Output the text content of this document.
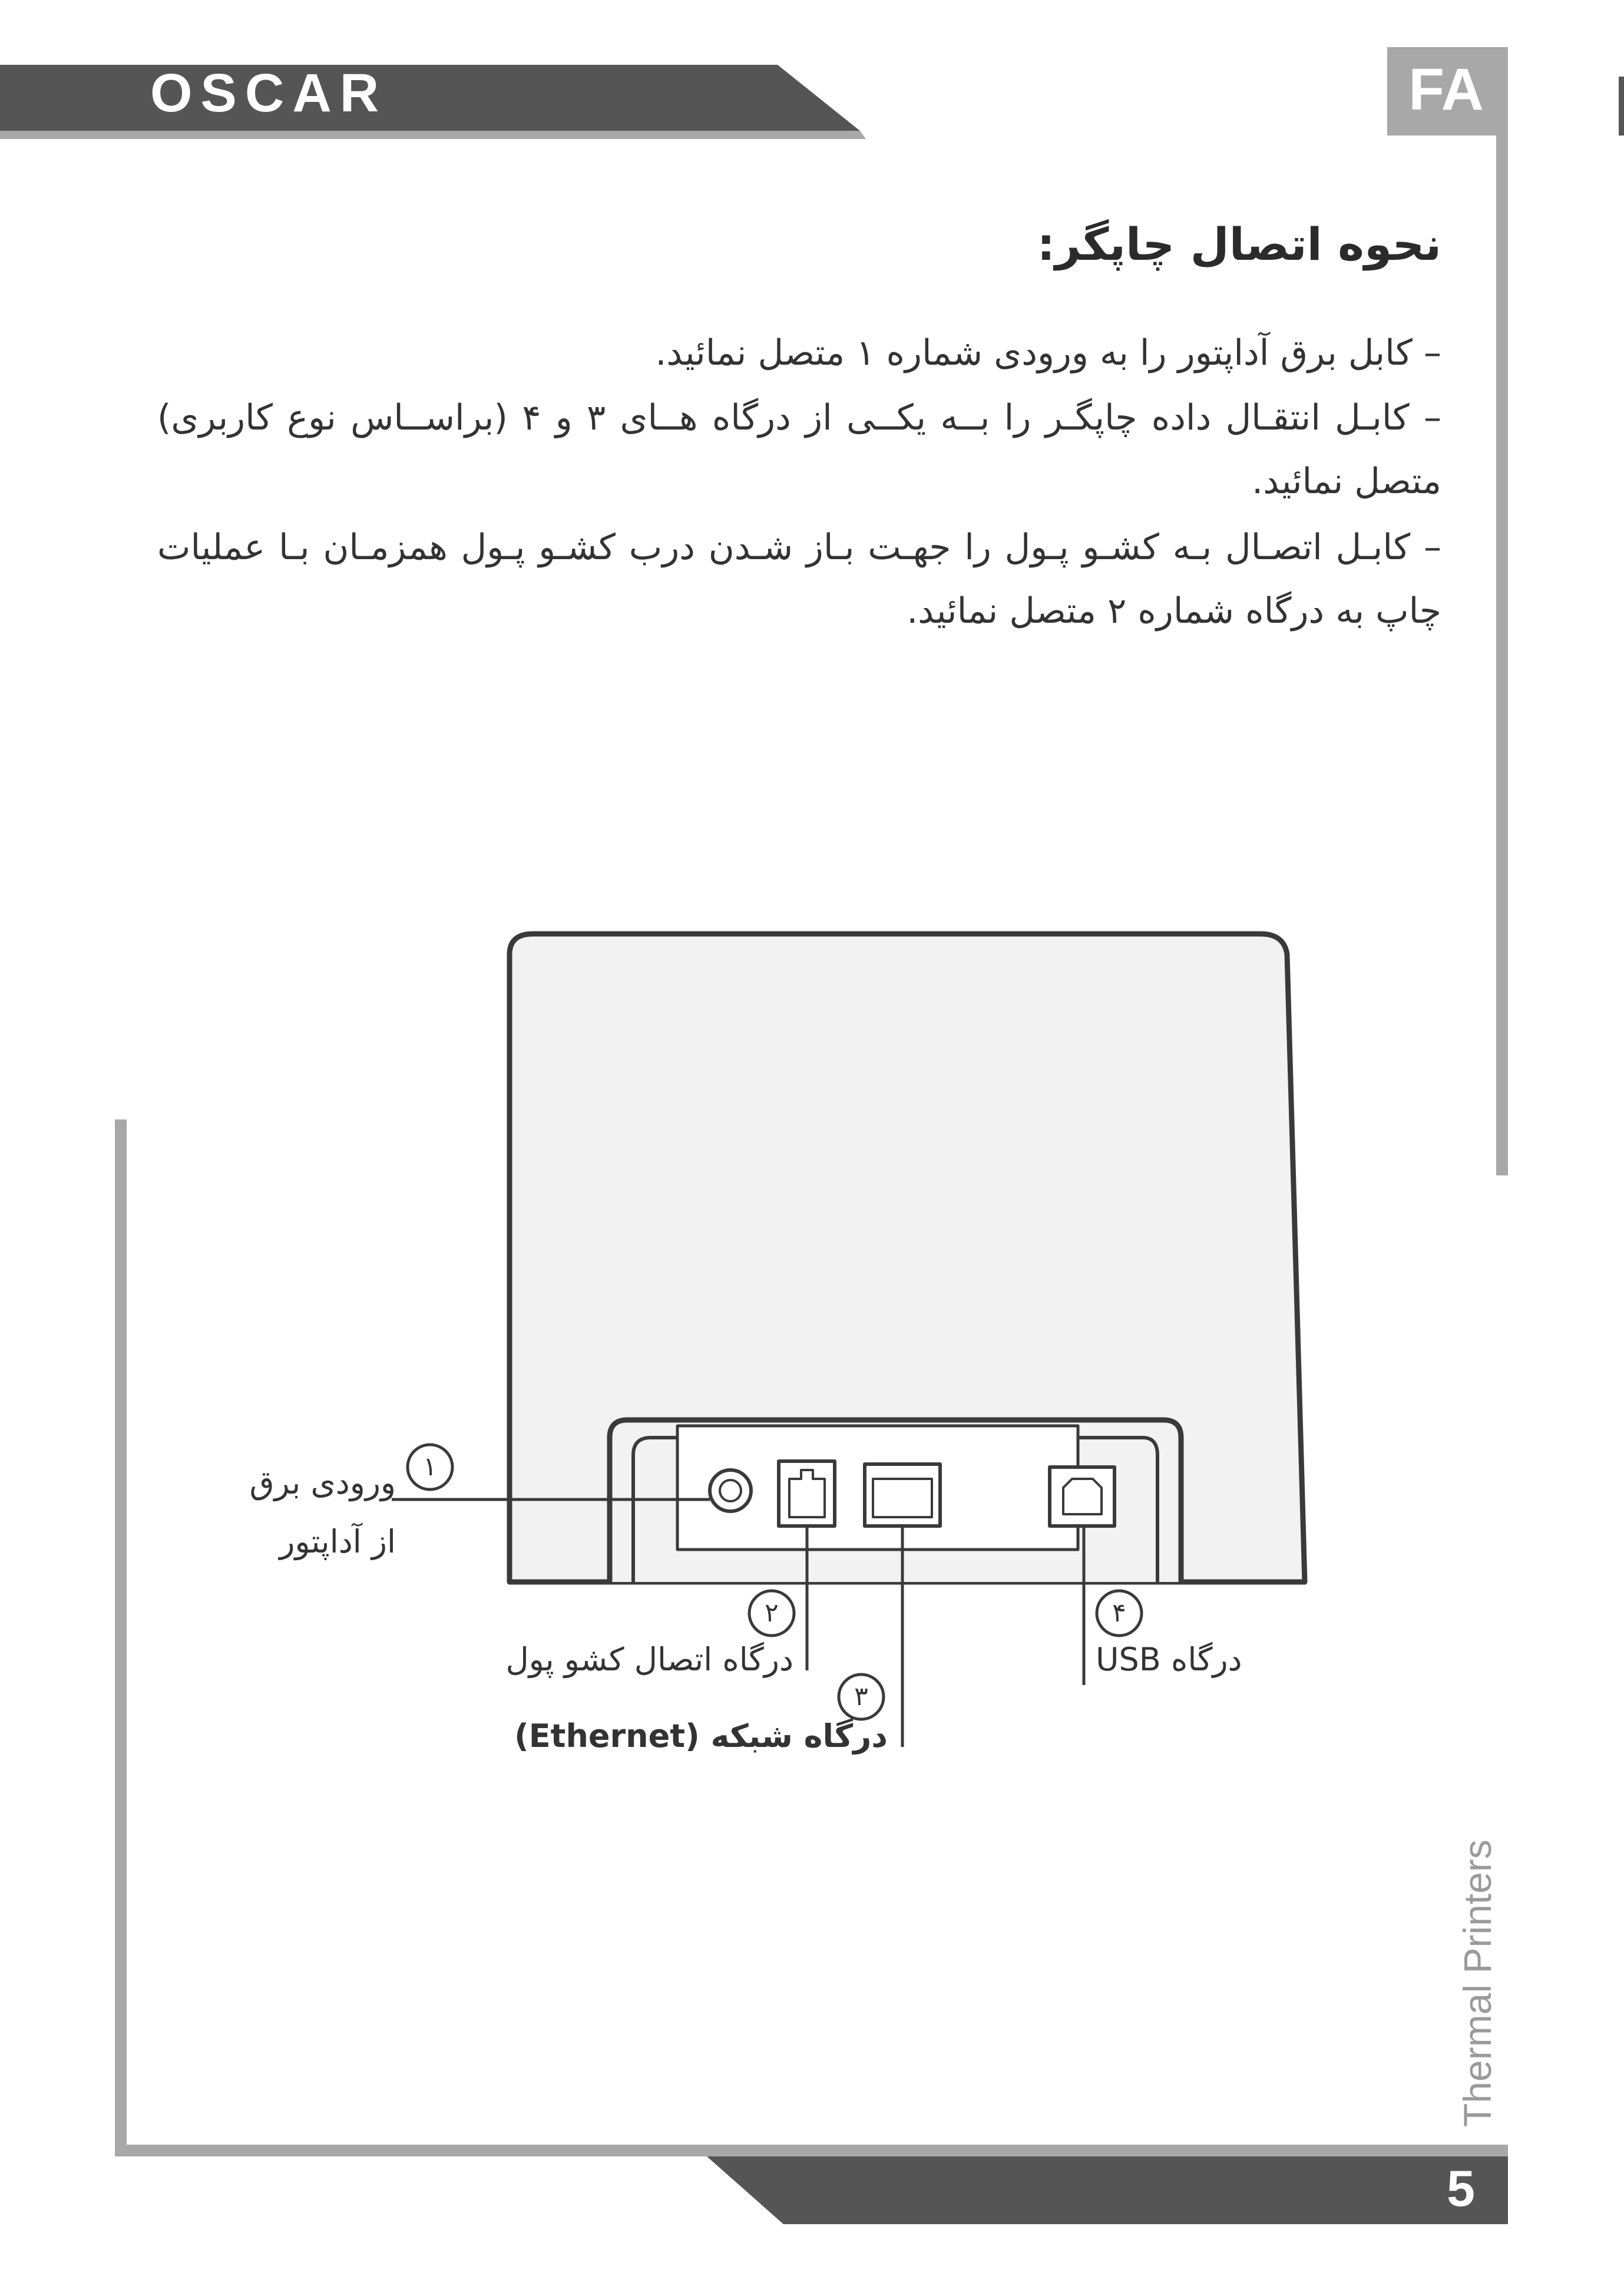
OSCAR	FA
نحوه اتصال چاپگر:
– کابل برق آداپتور را به ورودی شماره ۱ متصل نمائید.
– کابـل انتقـال داده چاپگـر را بــه یکــی از درگاه هــای ۳ و ۴ (براســاس نوع کاربری) متصل نمائید.
– کابـل اتصـال بـه کشـو پـول را جهـت بـاز شـدن درب کشـو پـول همزمـان بـا عملیات چاپ به درگاه شماره ۲ متصل نمائید.
۱
۲
۳
۴
ورودی برق
از آداپتور
درگاه اتصال کشو پول
درگاه شبکه (Ethernet)
درگاه USB
Thermal Printers
5
